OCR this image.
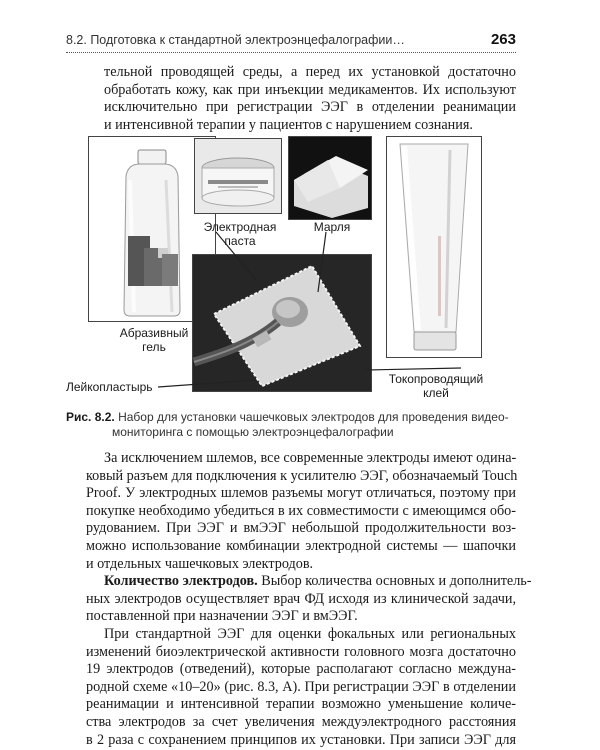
8.2. Подготовка к стандартной электроэнцефалографии…	263
тельной проводящей среды, а перед их установкой достаточно
обработать кожу, как при инъекции медикаментов. Их используют
исключительно при регистрации ЭЭГ в отделении реанимации
и интенсивной терапии у пациентов с нарушением сознания.
Электродная
паста
Марля
Абразивный
гель
Лейкопластырь
Токопроводящий
клей
Рис. 8.2. Набор для установки чашечковых электродов для проведения видео-
мониторинга с помощью электроэнцефалографии
За исключением шлемов, все современные электроды имеют одина-
ковый разъем для подключения к усилителю ЭЭГ, обозначаемый Touch
Proof. У электродных шлемов разъемы могут отличаться, поэтому при
покупке необходимо убедиться в их совместимости с имеющимся обо-
рудованием. При ЭЭГ и вмЭЭГ небольшой продолжительности воз-
можно использование комбинации электродной системы — шапочки
и отдельных чашечковых электродов.
Количество электродов. Выбор количества основных и дополнитель-
ных электродов осуществляет врач ФД исходя из клинической задачи,
поставленной при назначении ЭЭГ и вмЭЭГ.
При стандартной ЭЭГ для оценки фокальных или региональных
изменений биоэлектрической активности головного мозга достаточно
19 электродов (отведений), которые располагают согласно междуна-
родной схеме «10–20» (рис. 8.3, А). При регистрации ЭЭГ в отделении
реанимации и интенсивной терапии возможно уменьшение количе-
ства электродов за счет увеличения междуэлектродного расстояния
в 2 раза с сохранением принципов их установки. При записи ЭЭГ для
